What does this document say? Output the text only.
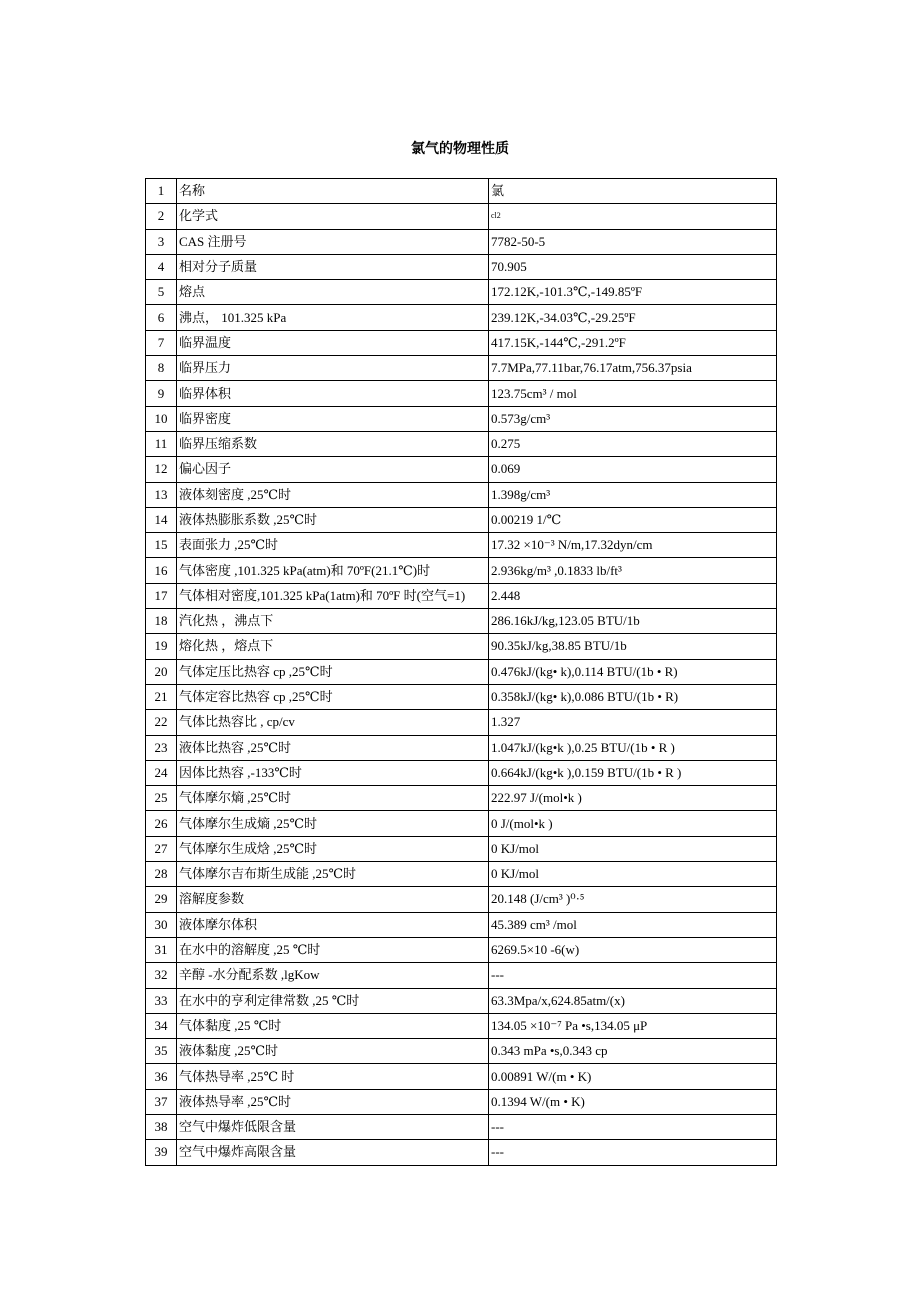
氯气的物理性质
1	名称	氯
2	化学式	cl2
3	CAS 注册号	7782-50-5
4	相对分子质量	70.905
5	熔点	172.12K,-101.3℃,-149.85ºF
6	沸点， 101.325 kPa	239.12K,-34.03℃,-29.25ºF
7	临界温度	417.15K,-144℃,-291.2ºF
8	临界压力	7.7MPa,77.11bar,76.17atm,756.37psia
9	临界体积	123.75cm³ / mol
10	临界密度	0.573g/cm³
11	临界压缩系数	0.275
12	偏心因子	0.069
13	液体刻密度 ,25℃时	1.398g/cm³
14	液体热膨胀系数 ,25℃时	0.00219 1/℃
15	表面张力 ,25℃时	17.32 ×10⁻³ N/m,17.32dyn/cm
16	气体密度 ,101.325 kPa(atm)和 70ºF(21.1℃)时	2.936kg/m³ ,0.1833 lb/ft³
17	气体相对密度,101.325 kPa(1atm)和 70ºF 时(空气=1)	2.448
18	汽化热 ，沸点下	286.16kJ/kg,123.05 BTU/1b
19	熔化热 ，熔点下	90.35kJ/kg,38.85 BTU/1b
20	气体定压比热容 cp ,25℃时	0.476kJ/(kg• k),0.114 BTU/(1b • R)
21	气体定容比热容 cp ,25℃时	0.358kJ/(kg• k),0.086 BTU/(1b • R)
22	气体比热容比 , cp/cv	1.327
23	液体比热容 ,25℃时	1.047kJ/(kg•k ),0.25 BTU/(1b • R )
24	因体比热容 ,-133℃时	0.664kJ/(kg•k ),0.159 BTU/(1b • R )
25	气体摩尔熵 ,25℃时	222.97 J/(mol•k )
26	气体摩尔生成熵 ,25℃时	0 J/(mol•k )
27	气体摩尔生成焓 ,25℃时	0 KJ/mol
28	气体摩尔吉布斯生成能 ,25℃时	0 KJ/mol
29	溶解度参数	20.148 (J/cm³ )⁰·⁵
30	液体摩尔体积	45.389 cm³ /mol
31	在水中的溶解度 ,25 ℃时	6269.5×10 -6(w)
32	辛醇 -水分配系数 ,lgKow	---
33	在水中的亨利定律常数 ,25 ℃时	63.3Mpa/x,624.85atm/(x)
34	气体黏度 ,25 ℃时	134.05 ×10⁻⁷ Pa •s,134.05 μP
35	液体黏度 ,25℃时	0.343 mPa •s,0.343 cp
36	气体热导率 ,25℃ 时	0.00891 W/(m • K)
37	液体热导率 ,25℃时	0.1394 W/(m • K)
38	空气中爆炸低限含量	---
39	空气中爆炸高限含量	---
